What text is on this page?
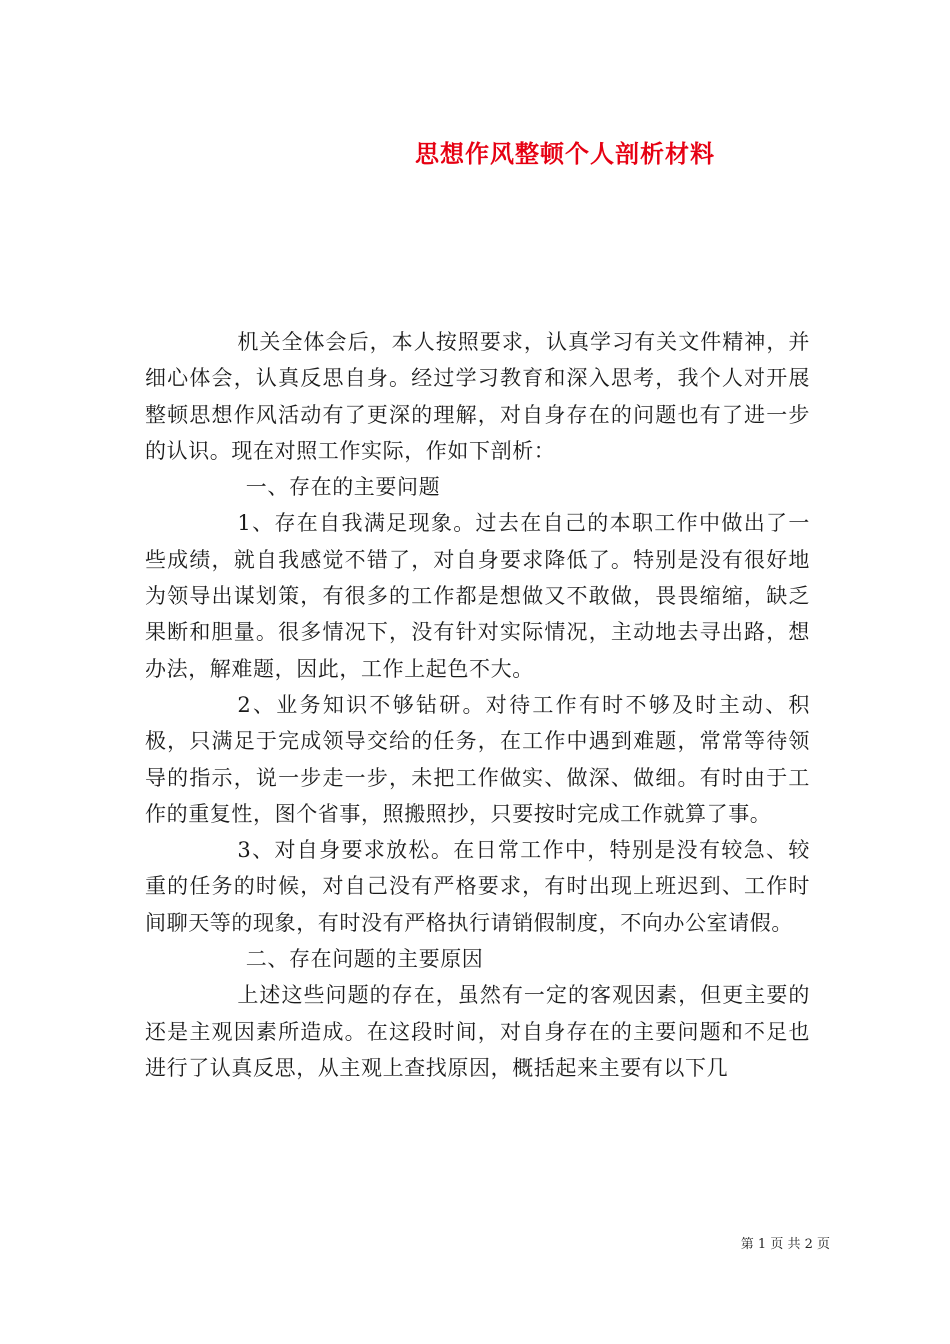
思想作风整顿个人剖析材料

机关全体会后，本人按照要求，认真学习有关文件精神，并细心体会，认真反思自身。经过学习教育和深入思考，我个人对开展整顿思想作风活动有了更深的理解，对自身存在的问题也有了进一步的认识。现在对照工作实际，作如下剖析：

一、存在的主要问题

1、存在自我满足现象。过去在自己的本职工作中做出了一些成绩，就自我感觉不错了，对自身要求降低了。特别是没有很好地为领导出谋划策，有很多的工作都是想做又不敢做，畏畏缩缩，缺乏果断和胆量。很多情况下，没有针对实际情况，主动地去寻出路，想办法，解难题，因此，工作上起色不大。

2、业务知识不够钻研。对待工作有时不够及时主动、积极，只满足于完成领导交给的任务，在工作中遇到难题，常常等待领导的指示，说一步走一步，未把工作做实、做深、做细。有时由于工作的重复性，图个省事，照搬照抄，只要按时完成工作就算了事。

3、对自身要求放松。在日常工作中，特别是没有较急、较重的任务的时候，对自己没有严格要求，有时出现上班迟到、工作时间聊天等的现象，有时没有严格执行请销假制度，不向办公室请假。

二、存在问题的主要原因

上述这些问题的存在，虽然有一定的客观因素，但更主要的还是主观因素所造成。在这段时间，对自身存在的主要问题和不足也进行了认真反思，从主观上查找原因，概括起来主要有以下几

第 1 页 共 2 页
